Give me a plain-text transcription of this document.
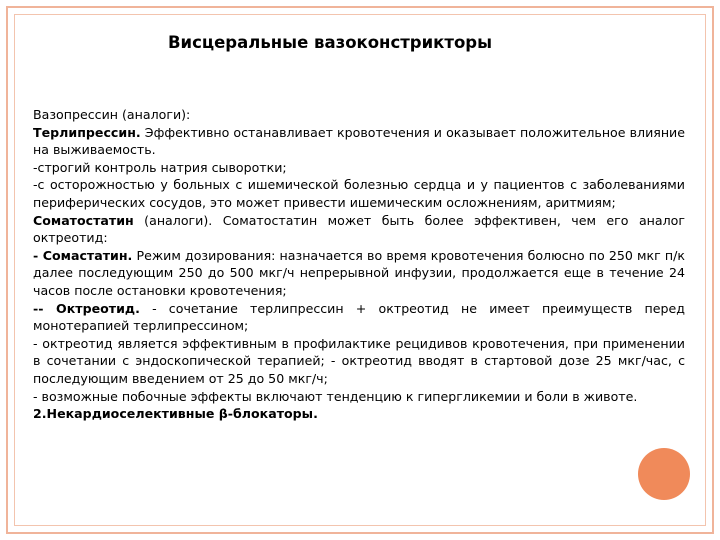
Висцеральные вазоконстрикторы

Вазопрессин (аналоги):

Терлипрессин. Эффективно останавливает кровотечения и оказывает положительное влияние на выживаемость.

-строгий контроль натрия сыворотки;

-с осторожностью у больных с ишемической болезнью сердца и у пациентов с заболеваниями периферических сосудов, это может привести ишемическим осложнениям, аритмиям;

Соматостатин (аналоги). Соматостатин может быть более эффективен, чем его аналог октреотид:

- Сомастатин. Режим дозирования: назначается во время кровотечения болюсно по 250 мкг п/к далее последующим 250 до 500 мкг/ч непрерывной инфузии, продолжается еще в течение 24 часов после остановки кровотечения;

-- Октреотид. - сочетание терлипрессин + октреотид не имеет преимуществ перед монотерапией терлипрессином;

- октреотид является эффективным в профилактике рецидивов кровотечения, при применении в сочетании с эндоскопической терапией; - октреотид вводят в стартовой дозе 25 мкг/час, с последующим введением от 25 до 50 мкг/ч;

- возможные побочные эффекты включают тенденцию к гипергликемии и боли в животе.

2.Некардиоселективные β-блокаторы.
